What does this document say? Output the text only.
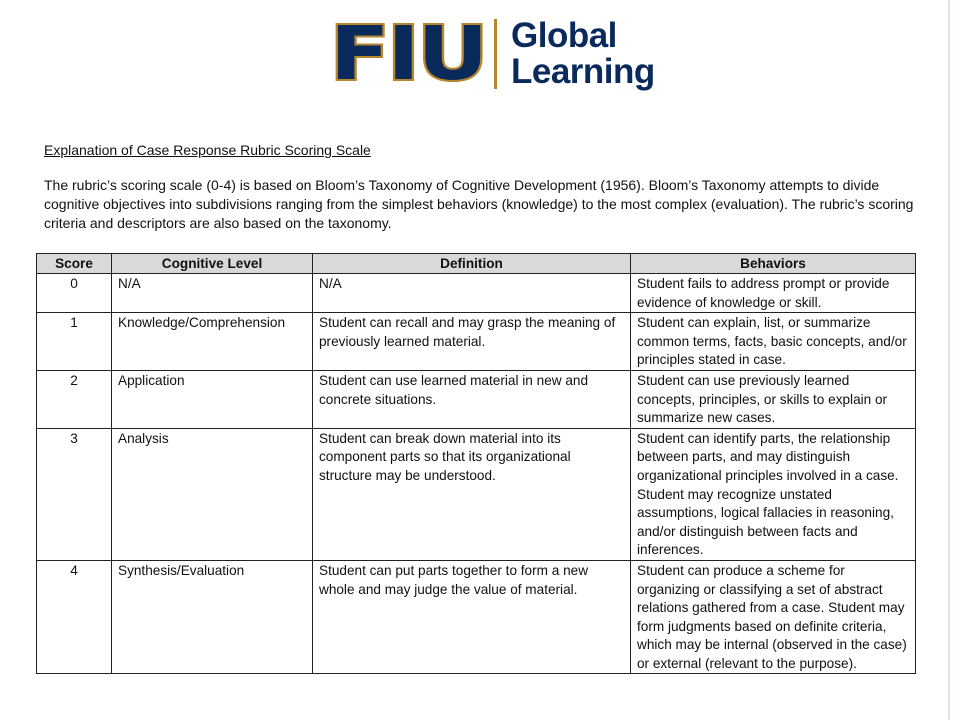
FIU Global
Learning
Explanation of Case Response Rubric Scoring Scale

The rubric’s scoring scale (0-4) is based on Bloom’s Taxonomy of Cognitive Development (1956). Bloom’s Taxonomy attempts to divide cognitive objectives into subdivisions ranging from the simplest behaviors (knowledge) to the most complex (evaluation). The rubric’s scoring criteria and descriptors are also based on the taxonomy.

Score	Cognitive Level	Definition	Behaviors
0	N/A	N/A	Student fails to address prompt or provide evidence of knowledge or skill.
1	Knowledge/Comprehension	Student can recall and may grasp the meaning of previously learned material.	Student can explain, list, or summarize common terms, facts, basic concepts, and/or principles stated in case.
2	Application	Student can use learned material in new and concrete situations.	Student can use previously learned concepts, principles, or skills to explain or summarize new cases.
3	Analysis	Student can break down material into its component parts so that its organizational structure may be understood.	Student can identify parts, the relationship between parts, and may distinguish organizational principles involved in a case. Student may recognize unstated assumptions, logical fallacies in reasoning, and/or distinguish between facts and inferences.
4	Synthesis/Evaluation	Student can put parts together to form a new whole and may judge the value of material.	Student can produce a scheme for organizing or classifying a set of abstract relations gathered from a case. Student may form judgments based on definite criteria, which may be internal (observed in the case) or external (relevant to the purpose).
